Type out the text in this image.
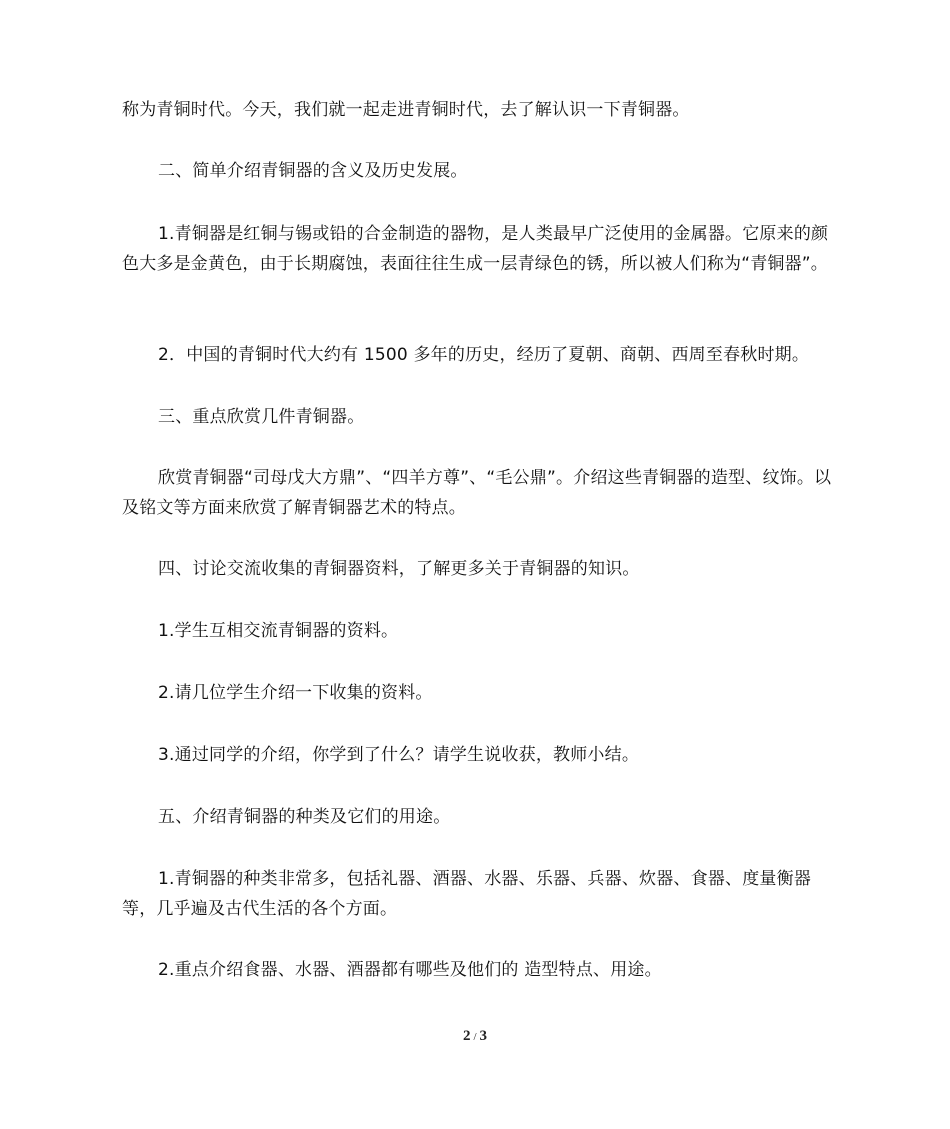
称为青铜时代。今天，我们就一起走进青铜时代，去了解认识一下青铜器。

二、简单介绍青铜器的含义及历史发展。

1.青铜器是红铜与锡或铅的合金制造的器物，是人类最早广泛使用的金属器。它原来的颜色大多是金黄色，由于长期腐蚀，表面往往生成一层青绿色的锈，所以被人们称为“青铜器”。

2．中国的青铜时代大约有 1500 多年的历史，经历了夏朝、商朝、西周至春秋时期。

三、重点欣赏几件青铜器。

欣赏青铜器“司母戊大方鼎”、“四羊方尊”、“毛公鼎”。介绍这些青铜器的造型、纹饰。以及铭文等方面来欣赏了解青铜器艺术的特点。

四、讨论交流收集的青铜器资料，了解更多关于青铜器的知识。

1.学生互相交流青铜器的资料。

2.请几位学生介绍一下收集的资料。

3.通过同学的介绍，你学到了什么？请学生说收获，教师小结。

五、介绍青铜器的种类及它们的用途。

1.青铜器的种类非常多，包括礼器、酒器、水器、乐器、兵器、炊器、食器、度量衡器等，几乎遍及古代生活的各个方面。

2.重点介绍食器、水器、酒器都有哪些及他们的 造型特点、用途。

2 / 3
